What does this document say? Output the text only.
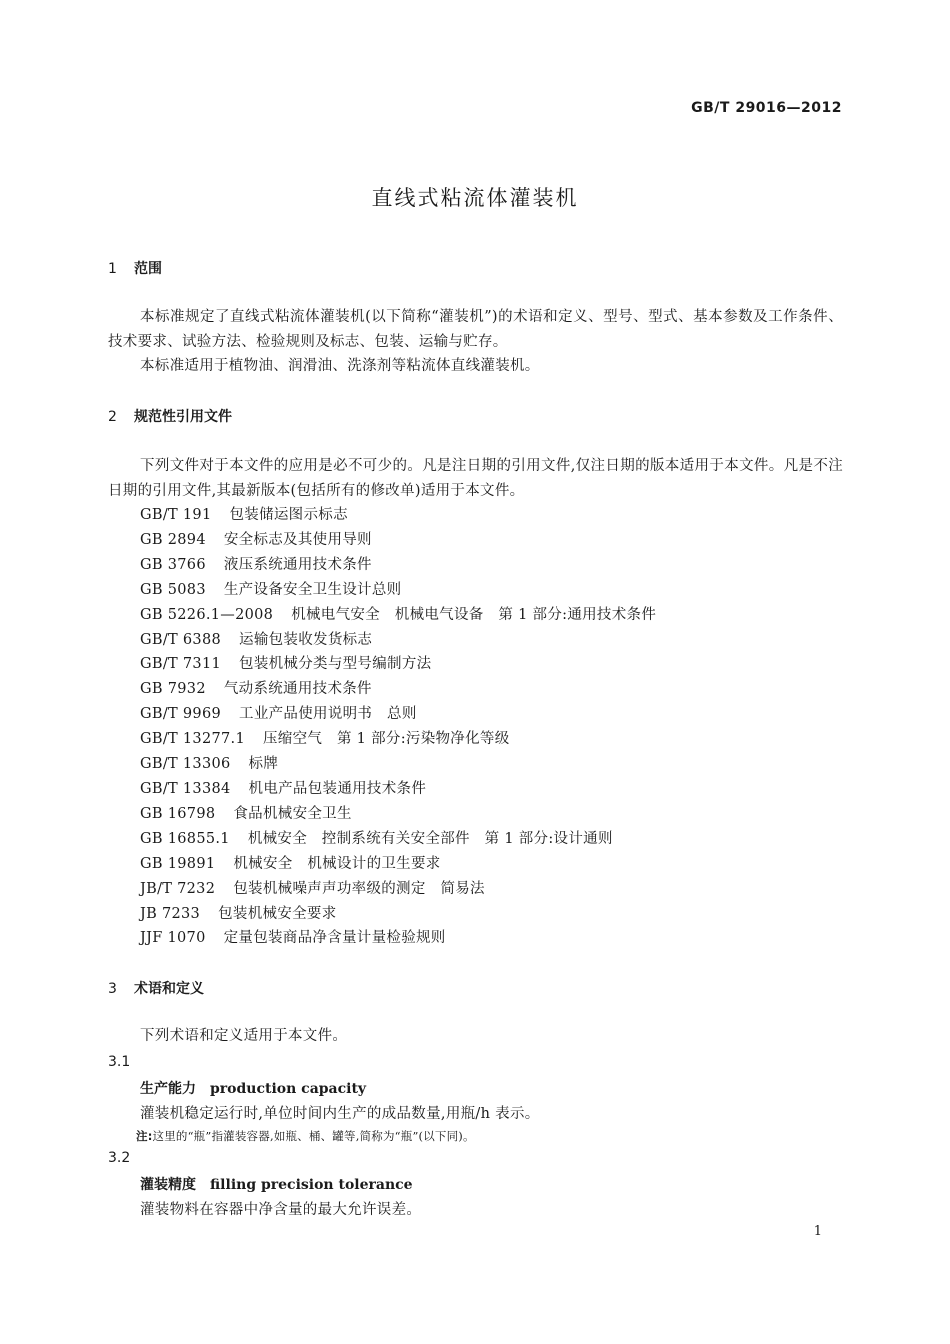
GB/T 29016—2012
直线式粘流体灌装机
1 范围
本标准规定了直线式粘流体灌装机(以下简称“灌装机”)的术语和定义、型号、型式、基本参数及工作条件、技术要求、试验方法、检验规则及标志、包装、运输与贮存。
本标准适用于植物油、润滑油、洗涤剂等粘流体直线灌装机。
2 规范性引用文件
下列文件对于本文件的应用是必不可少的。凡是注日期的引用文件,仅注日期的版本适用于本文件。凡是不注日期的引用文件,其最新版本(包括所有的修改单)适用于本文件。
GB/T 191 包装储运图示标志
GB 2894 安全标志及其使用导则
GB 3766 液压系统通用技术条件
GB 5083 生产设备安全卫生设计总则
GB 5226.1—2008 机械电气安全　机械电气设备　第 1 部分:通用技术条件
GB/T 6388 运输包装收发货标志
GB/T 7311 包装机械分类与型号编制方法
GB 7932 气动系统通用技术条件
GB/T 9969 工业产品使用说明书　总则
GB/T 13277.1 压缩空气　第 1 部分:污染物净化等级
GB/T 13306 标牌
GB/T 13384 机电产品包装通用技术条件
GB 16798 食品机械安全卫生
GB 16855.1 机械安全　控制系统有关安全部件　第 1 部分:设计通则
GB 19891 机械安全　机械设计的卫生要求
JB/T 7232 包装机械噪声声功率级的测定　简易法
JB 7233 包装机械安全要求
JJF 1070 定量包装商品净含量计量检验规则
3 术语和定义
下列术语和定义适用于本文件。
3.1
生产能力 production capacity
灌装机稳定运行时,单位时间内生产的成品数量,用瓶/h 表示。
注:这里的“瓶”指灌装容器,如瓶、桶、罐等,简称为“瓶”(以下同)。
3.2
灌装精度 filling precision tolerance
灌装物料在容器中净含量的最大允许误差。
1
